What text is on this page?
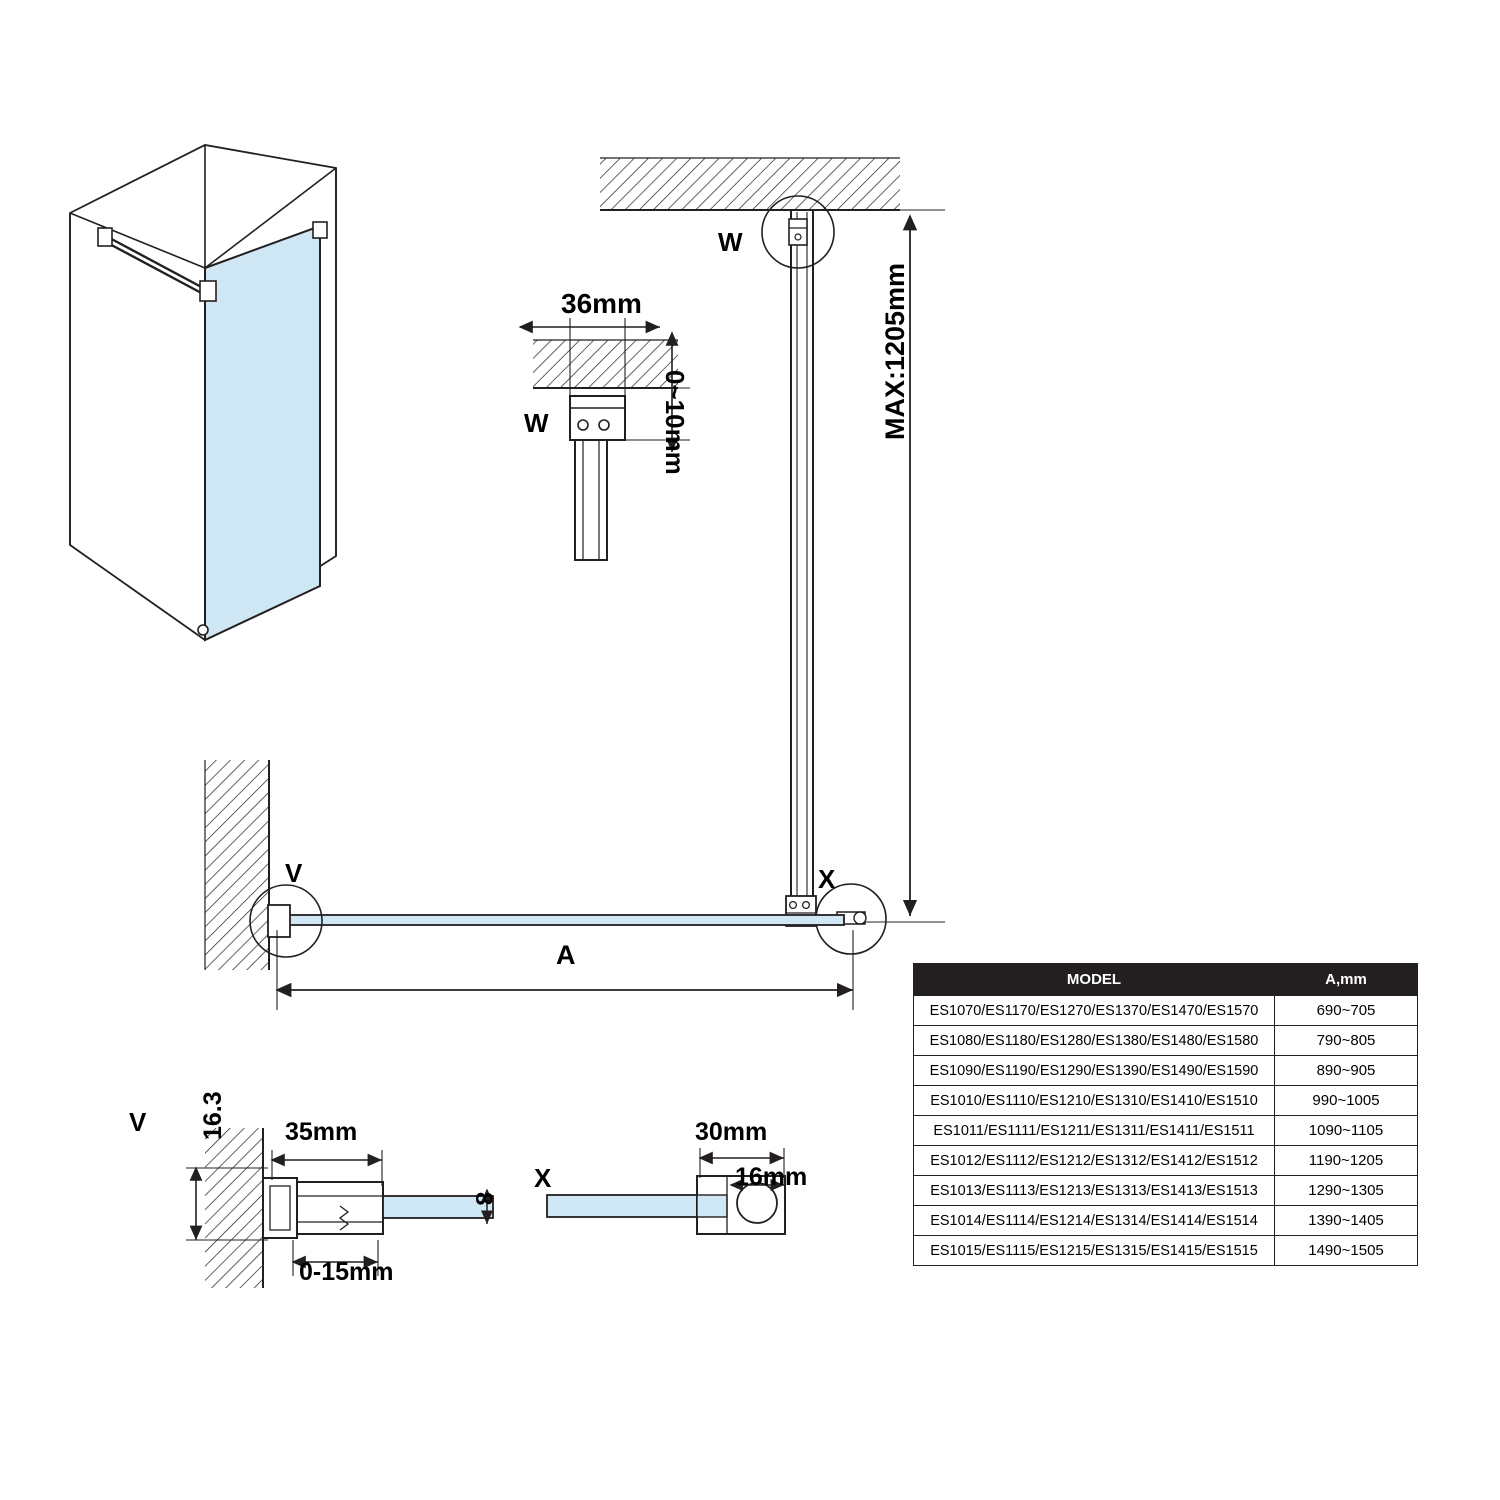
W
W
V	X
V
X
36mm
0~10mm	MAX:1205mm
A
35mm
16.3
8
0-15mm
30mm
16mm
MODEL	A,mm
ES1070/ES1170/ES1270/ES1370/ES1470/ES1570	690~705
ES1080/ES1180/ES1280/ES1380/ES1480/ES1580	790~805
ES1090/ES1190/ES1290/ES1390/ES1490/ES1590	890~905
ES1010/ES1110/ES1210/ES1310/ES1410/ES1510	990~1005
ES1011/ES1111/ES1211/ES1311/ES1411/ES1511	1090~1105
ES1012/ES1112/ES1212/ES1312/ES1412/ES1512	1190~1205
ES1013/ES1113/ES1213/ES1313/ES1413/ES1513	1290~1305
ES1014/ES1114/ES1214/ES1314/ES1414/ES1514	1390~1405
ES1015/ES1115/ES1215/ES1315/ES1415/ES1515	1490~1505
